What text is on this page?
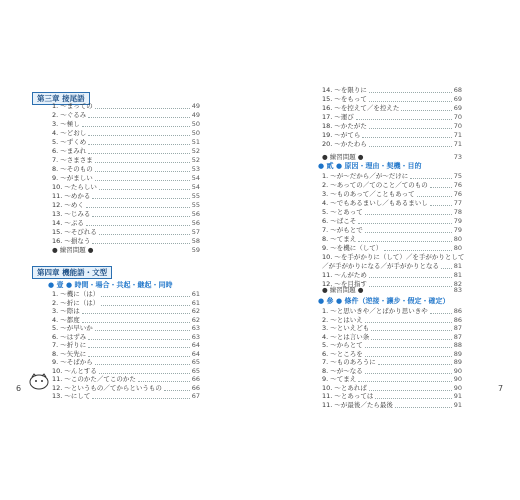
第三章 接尾語
1. 〜まっての	49
2. 〜ぐるみ	49
3. 〜極し	50
4. 〜どおし	50
5. 〜ずくめ	51
6. 〜まみれ	52
7. 〜さまさま	52
8. 〜そのもの	53
9. 〜がましい	54
10. 〜たらしい	54
11. 〜めかる	55
12. 〜めく	55
13. 〜じみる	56
14. 〜ぶる	56
15. 〜そびれる	57
16. 〜損なう	58
● 練習問題 ●	59
第四章 機能語・文型
● 壹 ● 時間・場合・共起・継起・同時
1. 〜機に（は）	61
2. 〜折に（は）	61
3. 〜際は	62
4. 〜都度	62
5. 〜が早いか	63
6. 〜はずみ	63
7. 〜折りに	64
8. 〜矢先に	64
9. 〜そばから	65
10. 〜んとする	65
11. 〜このかた／てこのかた	66
12. 〜というもの／てからというもの	66
13. 〜にして	67
6
14. 〜を限りに	68
15. 〜をもって	69
16. 〜を控えて／を控えた	69
17. 〜運び	70
18. 〜かたがた	70
19. 〜がてら	71
20. 〜かたわら	71
● 練習問題 ●	73
● 貳 ● 原因・理由・契機・目的
1. 〜が〜だから／が〜だけに	75
2. 〜あっての／てのこと／てのもの	76
3. 〜ものあって／こともあって	76
4. 〜でもあるまいし／もあるまいし	77
5. 〜とあって	78
6. 〜ばこそ	79
7. 〜がもとで	79
8. 〜てまえ	80
9. 〜を機に（して）	80
10. 〜を手がかりに（して）／を手がかりとして
／が手がかりになる／が手がかりとなる 81
11. 〜んがため	81
12. 〜を目指す	82
● 練習問題 ●	83
● 參 ● 條件（逆接・讓步・假定・確定）
1. 〜と思いきや／とばかり思いきや	86
2. 〜とはいえ	86
3. 〜といえども	87
4. 〜とは言い条	87
5. 〜からとて	88
6. 〜ところを	89
7. 〜ものあろうに	89
8. 〜が〜なる	90
9. 〜てまえ	90
10. 〜とあれば	90
11. 〜とあっては	91
11. 〜が最後／たら最後	91
7
